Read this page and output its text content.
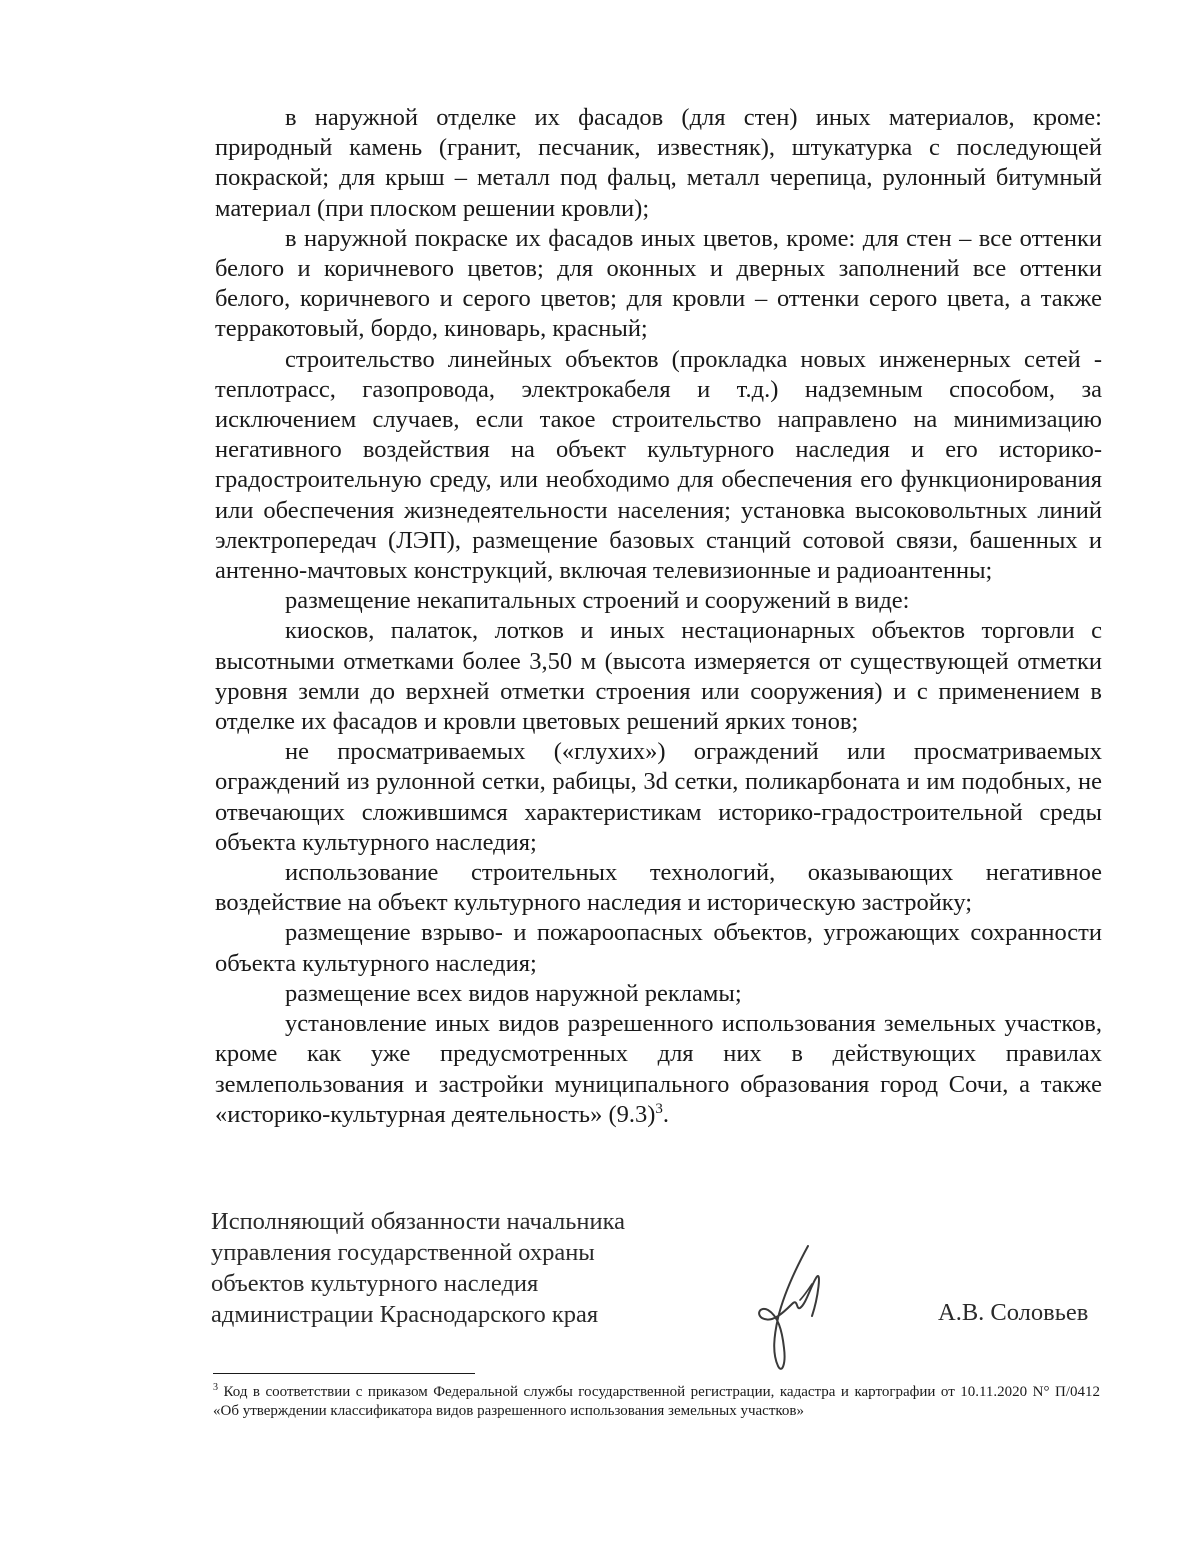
в наружной отделке их фасадов (для стен) иных материалов, кроме: природный камень (гранит, песчаник, известняк), штукатурка с последующей покраской; для крыш – металл под фальц, металл черепица, рулонный битумный материал (при плоском решении кровли);

в наружной покраске их фасадов иных цветов, кроме: для стен – все оттенки белого и коричневого цветов; для оконных и дверных заполнений все оттенки белого, коричневого и серого цветов; для кровли – оттенки серого цвета, а также терракотовый, бордо, киноварь, красный;

строительство линейных объектов (прокладка новых инженерных сетей - теплотрасс, газопровода, электрокабеля и т.д.) надземным способом, за исключением случаев, если такое строительство направлено на минимизацию негативного воздействия на объект культурного наследия и его историко-градостроительную среду, или необходимо для обеспечения его функционирования или обеспечения жизнедеятельности населения; установка высоковольтных линий электропередач (ЛЭП), размещение базовых станций сотовой связи, башенных и антенно-мачтовых конструкций, включая телевизионные и радиоантенны;

размещение некапитальных строений и сооружений в виде:

киосков, палаток, лотков и иных нестационарных объектов торговли с высотными отметками более 3,50 м (высота измеряется от существующей отметки уровня земли до верхней отметки строения или сооружения) и с применением в отделке их фасадов и кровли цветовых решений ярких тонов;

не просматриваемых («глухих») ограждений или просматриваемых ограждений из рулонной сетки, рабицы, 3d сетки, поликарбоната и им подобных, не отвечающих сложившимся характеристикам историко-градостроительной среды объекта культурного наследия;

использование строительных технологий, оказывающих негативное воздействие на объект культурного наследия и историческую застройку;

размещение взрыво- и пожароопасных объектов, угрожающих сохранности объекта культурного наследия;

размещение всех видов наружной рекламы;

установление иных видов разрешенного использования земельных участков, кроме как уже предусмотренных для них в действующих правилах землепользования и застройки муниципального образования город Сочи, а также «историко-культурная деятельность» (9.3)$^3$.

Исполняющий обязанности начальника
управления государственной охраны
объектов культурного наследия
администрации Краснодарского края	А.В. Соловьев
$^3$ Код в соответствии с приказом Федеральной службы государственной регистрации, кадастра и картографии от 10.11.2020 N° П/0412 «Об утверждении классификатора видов разрешенного использования земельных участков»
